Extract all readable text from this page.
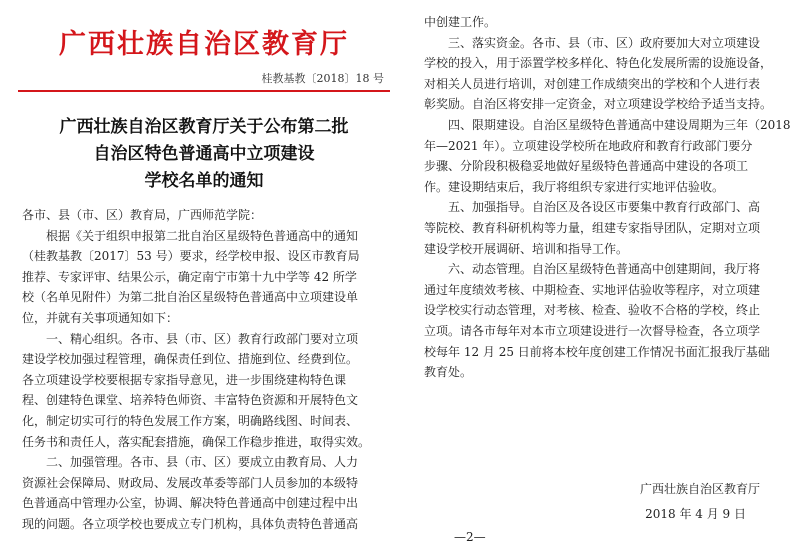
广西壮族自治区教育厅
桂教基教〔2018〕18 号
广西壮族自治区教育厅关于公布第二批
自治区特色普通高中立项建设
学校名单的通知

各市、县（市、区）教育局，广西师范学院：

　　根据《关于组织申报第二批自治区星级特色普通高中的通知

（桂教基教〔2017〕53 号）要求，经学校申报、设区市教育局

推荐、专家评审、结果公示，确定南宁市第十九中学等 42 所学

校（名单见附件）为第二批自治区星级特色普通高中立项建设单

位，并就有关事项通知如下：

　　一、精心组织。各市、县（市、区）教育行政部门要对立项

建设学校加强过程管理，确保责任到位、措施到位、经费到位。

各立项建设学校要根据专家指导意见，进一步围绕建构特色课

程、创建特色课堂、培养特色师资、丰富特色资源和开展特色文

化，制定切实可行的特色发展工作方案，明确路线图、时间表、

任务书和责任人，落实配套措施，确保工作稳步推进，取得实效。

　　二、加强管理。各市、县（市、区）要成立由教育局、人力

资源社会保障局、财政局、发展改革委等部门人员参加的本级特

色普通高中管理办公室，协调、解决特色普通高中创建过程中出

现的问题。各立项学校也要成立专门机构，具体负责特色普通高

中创建工作。

　　三、落实资金。各市、县（市、区）政府要加大对立项建设

学校的投入，用于添置学校多样化、特色化发展所需的设施设备，

对相关人员进行培训，对创建工作成绩突出的学校和个人进行表

彰奖励。自治区将安排一定资金，对立项建设学校给予适当支持。

　　四、限期建设。自治区星级特色普通高中建设周期为三年（2018

年—2021 年）。立项建设学校所在地政府和教育行政部门要分

步骤、分阶段积极稳妥地做好星级特色普通高中建设的各项工

作。建设期结束后，我厅将组织专家进行实地评估验收。

　　五、加强指导。自治区及各设区市要集中教育行政部门、高

等院校、教育科研机构等力量，组建专家指导团队，定期对立项

建设学校开展调研、培训和指导工作。

　　六、动态管理。自治区星级特色普通高中创建期间，我厅将

通过年度绩效考核、中期检查、实地评估验收等程序，对立项建

设学校实行动态管理，对考核、检查、验收不合格的学校，终止

立项。请各市每年对本市立项建设进行一次督导检查，各立项学

校每年 12 月 25 日前将本校年度创建工作情况书面汇报我厅基础

教育处。

广西壮族自治区教育厅
2018 年 4 月 9 日
—2—
